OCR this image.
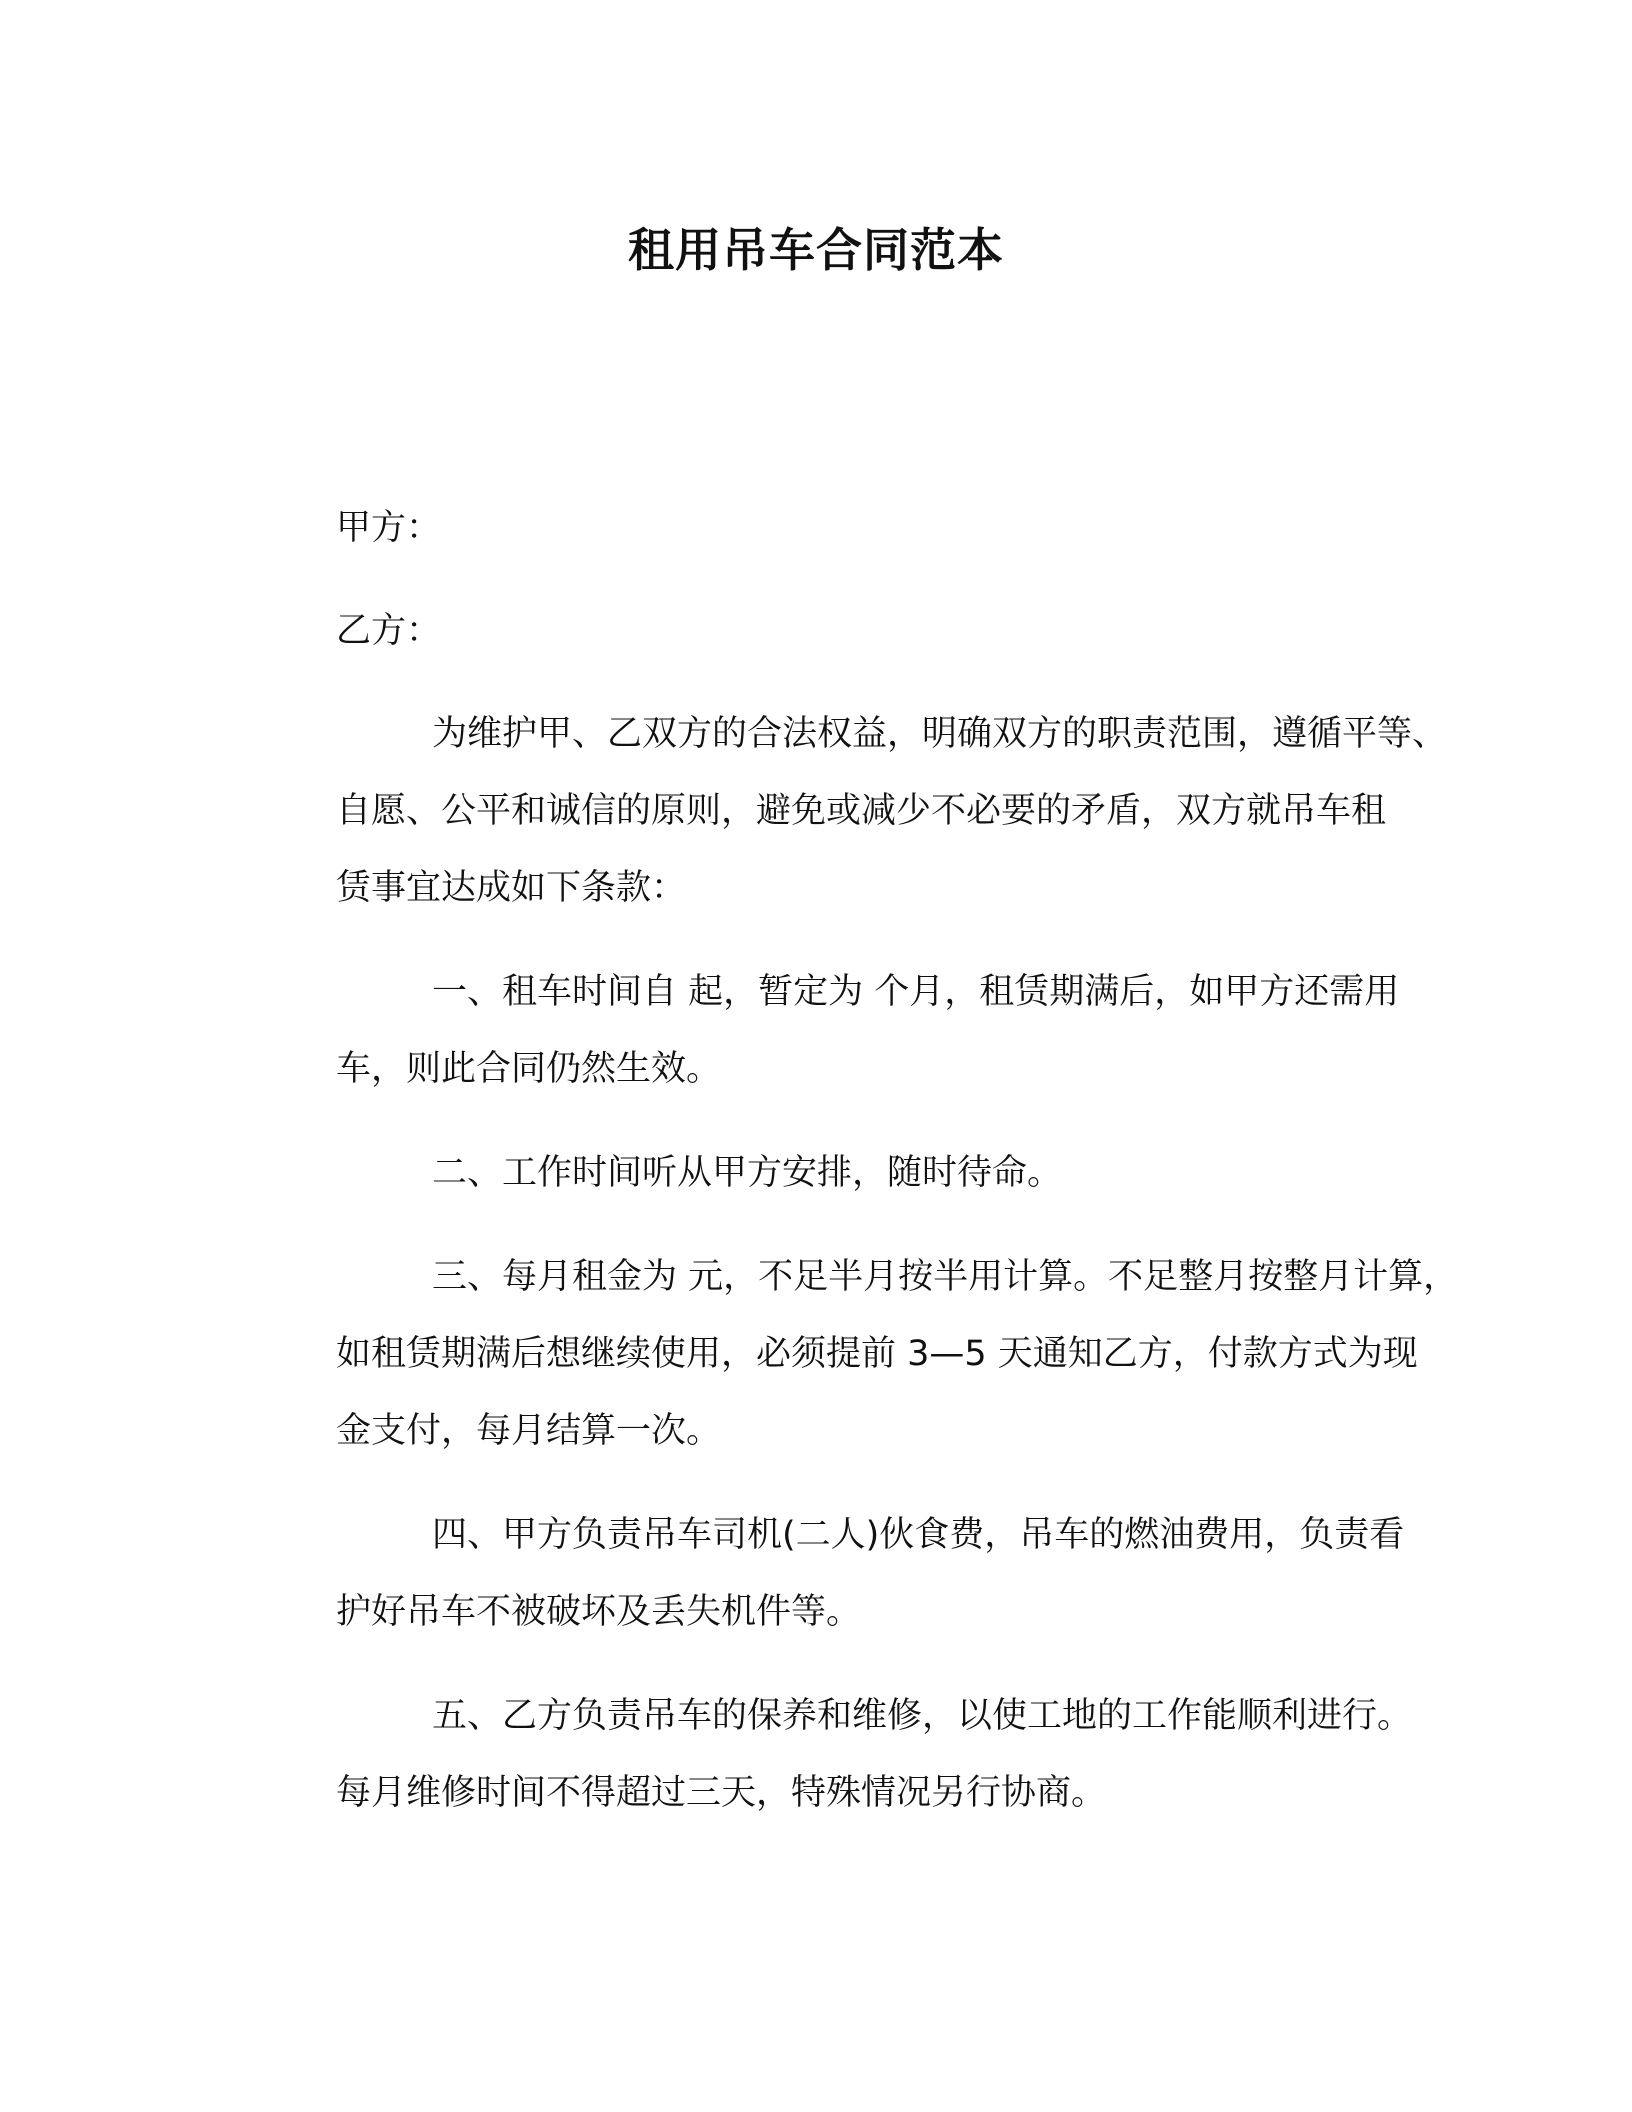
租用吊车合同范本
甲方：
乙方：
为维护甲、乙双方的合法权益，明确双方的职责范围，遵循平等、
自愿、公平和诚信的原则，避免或减少不必要的矛盾，双方就吊车租
赁事宜达成如下条款：
一、租车时间自 起，暂定为 个月，租赁期满后，如甲方还需用
车，则此合同仍然生效。
二、工作时间听从甲方安排，随时待命。
三、每月租金为 元，不足半月按半用计算。不足整月按整月计算，
如租赁期满后想继续使用，必须提前 3—5 天通知乙方，付款方式为现
金支付，每月结算一次。
四、甲方负责吊车司机(二人)伙食费，吊车的燃油费用，负责看
护好吊车不被破坏及丢失机件等。
五、乙方负责吊车的保养和维修，以使工地的工作能顺利进行。
每月维修时间不得超过三天，特殊情况另行协商。
